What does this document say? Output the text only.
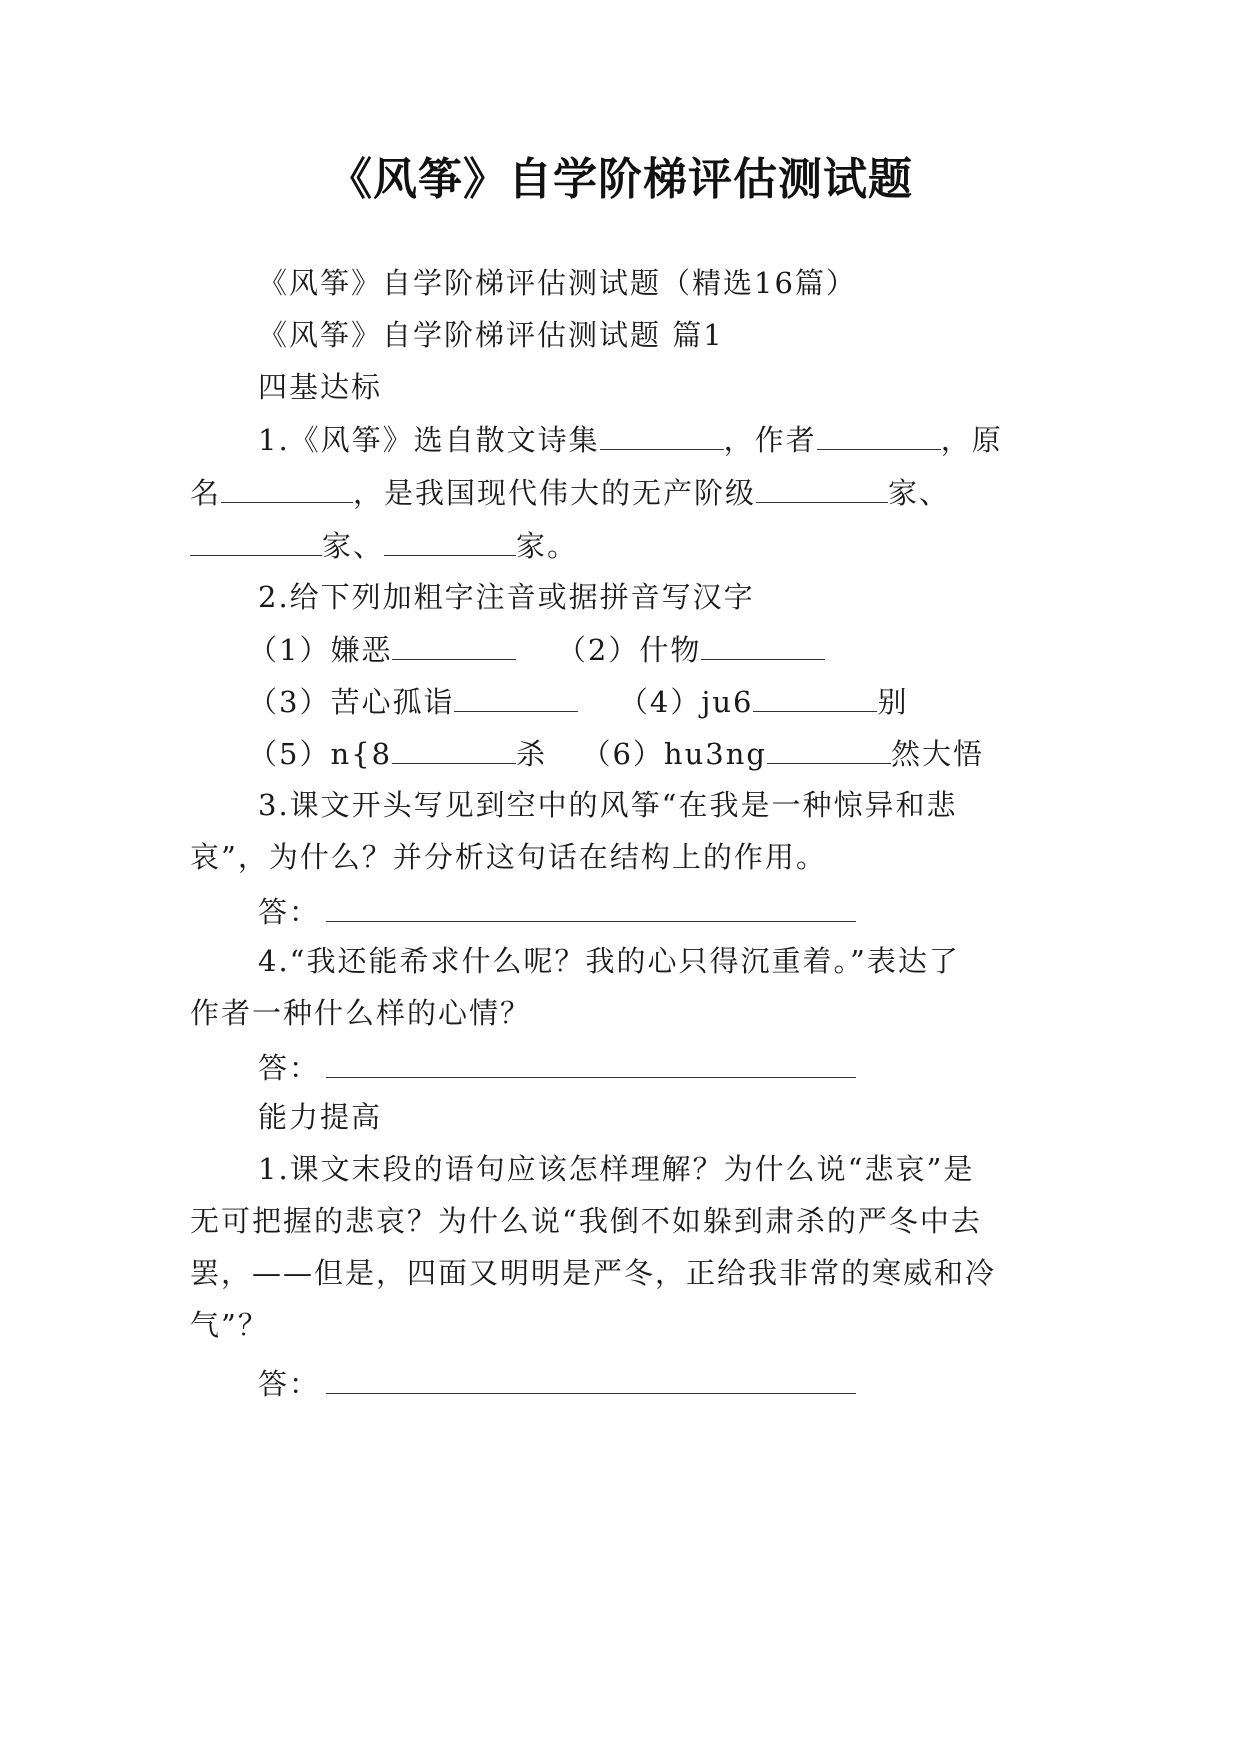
《风筝》自学阶梯评估测试题
《风筝》自学阶梯评估测试题（精选16篇）
《风筝》自学阶梯评估测试题 篇1
四基达标
1.《风筝》选自散文诗集	，作者	，原
名	，是我国现代伟大的无产阶级	家、
家、	家。
2.给下列加粗字注音或据拼音写汉字
（1）嫌恶	（2）什物
（3）苦心孤诣	（4）ju6	别
（5）n{8	杀 （6）hu3ng	然大悟
3.课文开头写见到空中的风筝“在我是一种惊异和悲
哀”，为什么？并分析这句话在结构上的作用。
答：
4.“我还能希求什么呢？我的心只得沉重着。”表达了
作者一种什么样的心情？
答：
能力提高
1.课文末段的语句应该怎样理解？为什么说“悲哀”是
无可把握的悲哀？为什么说“我倒不如躲到肃杀的严冬中去
罢，——但是，四面又明明是严冬，正给我非常的寒威和冷
气”？
答：
